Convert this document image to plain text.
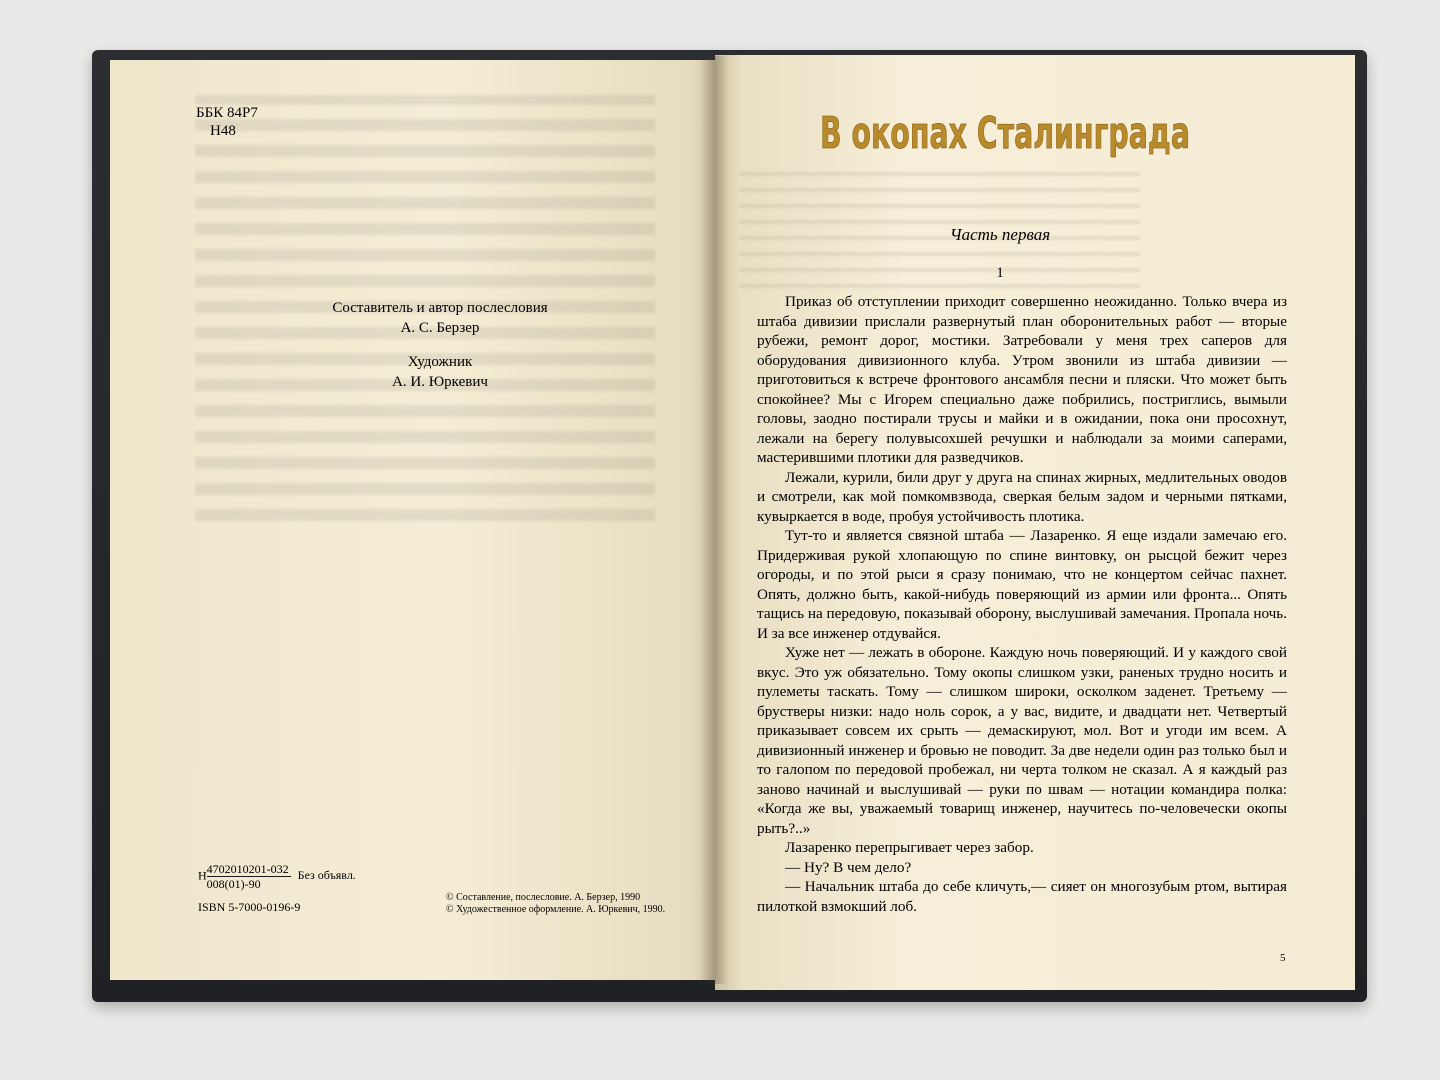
ББК 84Р7
Н48
Составитель и автор послесловия
А. С. Берзер
Художник
А. И. Юркевич
Н $\frac{4702010201-032}{008(01)-90}$ Без объявл.
ISBN 5-7000-0196-9
© Составление, послесловие. А. Берзер, 1990
© Художественное оформление. А. Юркевич, 1990.
В окопах Сталинграда
Часть первая
1

Приказ об отступлении приходит совершенно неожиданно. Только вчера из штаба дивизии прислали развернутый план оборонительных работ — вторые рубежи, ремонт дорог, мостики. Затребовали у меня трех саперов для оборудования дивизионного клуба. Утром звонили из штаба дивизии — приготовиться к встрече фронтового ансамбля песни и пляски. Что может быть спокойнее? Мы с Игорем специально даже побрились, постриглись, вымыли головы, заодно постирали трусы и майки и в ожидании, пока они просохнут, лежали на берегу полувысохшей речушки и наблюдали за моими саперами, мастерившими плотики для разведчиков.

Лежали, курили, били друг у друга на спинах жирных, медлительных оводов и смотрели, как мой помкомвзвода, сверкая белым задом и черными пятками, кувыркается в воде, пробуя устойчивость плотика.

Тут-то и является связной штаба — Лазаренко. Я еще издали замечаю его. Придерживая рукой хлопающую по спине винтовку, он рысцой бежит через огороды, и по этой рыси я сразу понимаю, что не концертом сейчас пахнет. Опять, должно быть, какой-нибудь поверяющий из армии или фронта... Опять тащись на передовую, показывай оборону, выслушивай замечания. Пропала ночь. И за все инженер отдувайся.

Хуже нет — лежать в обороне. Каждую ночь поверяющий. И у каждого свой вкус. Это уж обязательно. Тому окопы слишком узки, раненых трудно носить и пулеметы таскать. Тому — слишком широки, осколком заденет. Третьему — брустверы низки: надо ноль сорок, а у вас, видите, и двадцати нет. Четвертый приказывает совсем их срыть — демаскируют, мол. Вот и угоди им всем. А дивизионный инженер и бровью не поводит. За две недели один раз только был и то галопом по передовой пробежал, ни черта толком не сказал. А я каждый раз заново начинай и выслушивай — руки по швам — нотации командира полка: «Когда же вы, уважаемый товарищ инженер, научитесь по-человечески окопы рыть?..»

Лазаренко перепрыгивает через забор.

— Ну? В чем дело?

— Начальник штаба до себе кличуть,— сияет он многозубым ртом, вытирая пилоткой взмокший лоб.

5
